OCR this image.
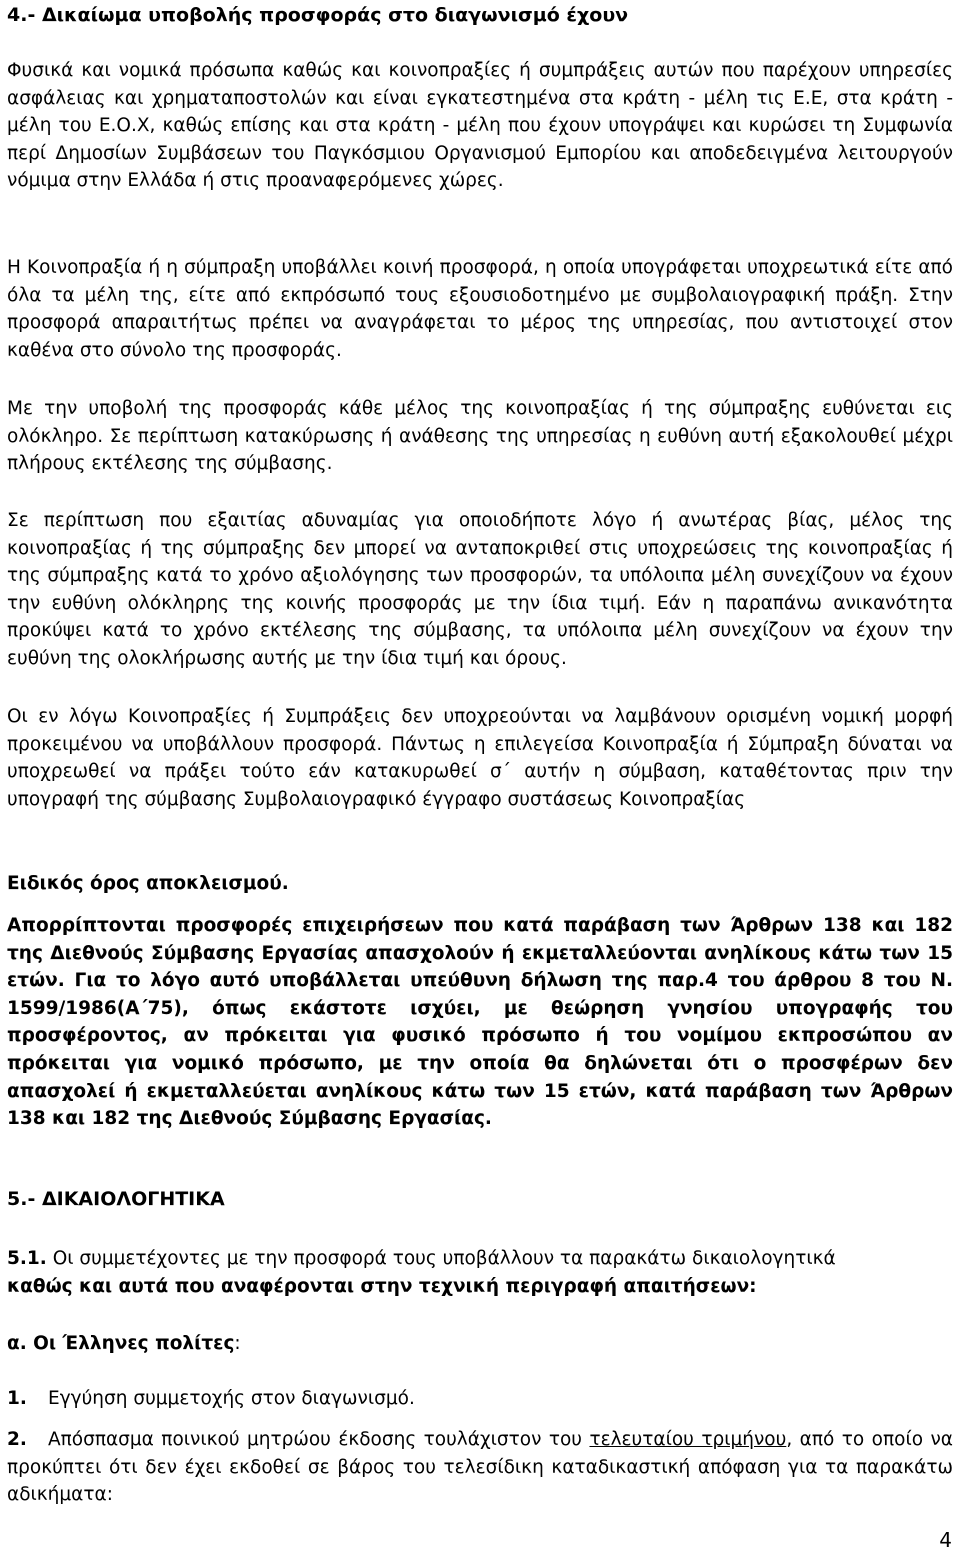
4.- Δικαίωμα υποβολής προσφοράς στο διαγωνισμό έχουν

Φυσικά και νομικά πρόσωπα καθώς και κοινοπραξίες ή συμπράξεις αυτών που παρέχουν υπηρεσίες ασφάλειας και χρηματαποστολών και είναι εγκατεστημένα στα κράτη - μέλη τις Ε.Ε, στα κράτη - μέλη του Ε.Ο.Χ, καθώς επίσης και στα κράτη - μέλη που έχουν υπογράψει και κυρώσει τη Συμφωνία περί Δημοσίων Συμβάσεων του Παγκόσμιου Οργανισμού Εμπορίου και αποδεδειγμένα λειτουργούν νόμιμα στην Ελλάδα ή στις προαναφερόμενες χώρες.

Η Κοινοπραξία ή η σύμπραξη υποβάλλει κοινή προσφορά, η οποία υπογράφεται υποχρεωτικά είτε από όλα τα μέλη της, είτε από εκπρόσωπό τους εξουσιοδοτημένο με συμβολαιογραφική πράξη. Στην προσφορά απαραιτήτως πρέπει να αναγράφεται το μέρος της υπηρεσίας, που αντιστοιχεί στον καθένα στο σύνολο της προσφοράς.

Με την υποβολή της προσφοράς κάθε μέλος της κοινοπραξίας ή της σύμπραξης ευθύνεται εις ολόκληρο. Σε περίπτωση κατακύρωσης ή ανάθεσης της υπηρεσίας η ευθύνη αυτή εξακολουθεί μέχρι πλήρους εκτέλεσης της σύμβασης.

Σε περίπτωση που εξαιτίας αδυναμίας για οποιοδήποτε λόγο ή ανωτέρας βίας, μέλος της κοινοπραξίας ή της σύμπραξης δεν μπορεί να ανταποκριθεί στις υποχρεώσεις της κοινοπραξίας ή της σύμπραξης κατά το χρόνο αξιολόγησης των προσφορών, τα υπόλοιπα μέλη συνεχίζουν να έχουν την ευθύνη ολόκληρης της κοινής προσφοράς με την ίδια τιμή. Εάν η παραπάνω ανικανότητα προκύψει κατά το χρόνο εκτέλεσης της σύμβασης, τα υπόλοιπα μέλη συνεχίζουν να έχουν την ευθύνη της ολοκλήρωσης αυτής με την ίδια τιμή και όρους.

Οι εν λόγω Κοινοπραξίες ή Συμπράξεις δεν υποχρεούνται να λαμβάνουν ορισμένη νομική μορφή προκειμένου να υποβάλλουν προσφορά. Πάντως η επιλεγείσα Κοινοπραξία ή Σύμπραξη δύναται να υποχρεωθεί να πράξει τούτο εάν κατακυρωθεί σ΄ αυτήν η σύμβαση, καταθέτοντας πριν την υπογραφή της σύμβασης Συμβολαιογραφικό έγγραφο συστάσεως Κοινοπραξίας

Ειδικός όρος αποκλεισμού.

Απορρίπτονται προσφορές επιχειρήσεων που κατά παράβαση των Άρθρων 138 και 182 της Διεθνούς Σύμβασης Εργασίας απασχολούν ή εκμεταλλεύονται ανηλίκους κάτω των 15 ετών. Για το λόγο αυτό υποβάλλεται υπεύθυνη δήλωση της παρ.4 του άρθρου 8 του Ν. 1599/1986(Α΄75), όπως εκάστοτε ισχύει, με θεώρηση γνησίου υπογραφής του προσφέροντος, αν πρόκειται για φυσικό πρόσωπο ή του νομίμου εκπροσώπου αν πρόκειται για νομικό πρόσωπο, με την οποία θα δηλώνεται ότι ο προσφέρων δεν απασχολεί ή εκμεταλλεύεται ανηλίκους κάτω των 15 ετών, κατά παράβαση των Άρθρων 138 και 182 της Διεθνούς Σύμβασης Εργασίας.

5.- ΔΙΚΑΙΟΛΟΓΗΤΙΚΑ

5.1. Οι συμμετέχοντες με την προσφορά τους υποβάλλουν τα παρακάτω δικαιολογητικά
καθώς και αυτά που αναφέρονται στην τεχνική περιγραφή απαιτήσεων:

α. Οι Έλληνες πολίτες:

1. Εγγύηση συμμετοχής στον διαγωνισμό.

2. Απόσπασμα ποινικού μητρώου έκδοσης τουλάχιστον του τελευταίου τριμήνου, από το οποίο να προκύπτει ότι δεν έχει εκδοθεί σε βάρος του τελεσίδικη καταδικαστική απόφαση για τα παρακάτω αδικήματα:

4
